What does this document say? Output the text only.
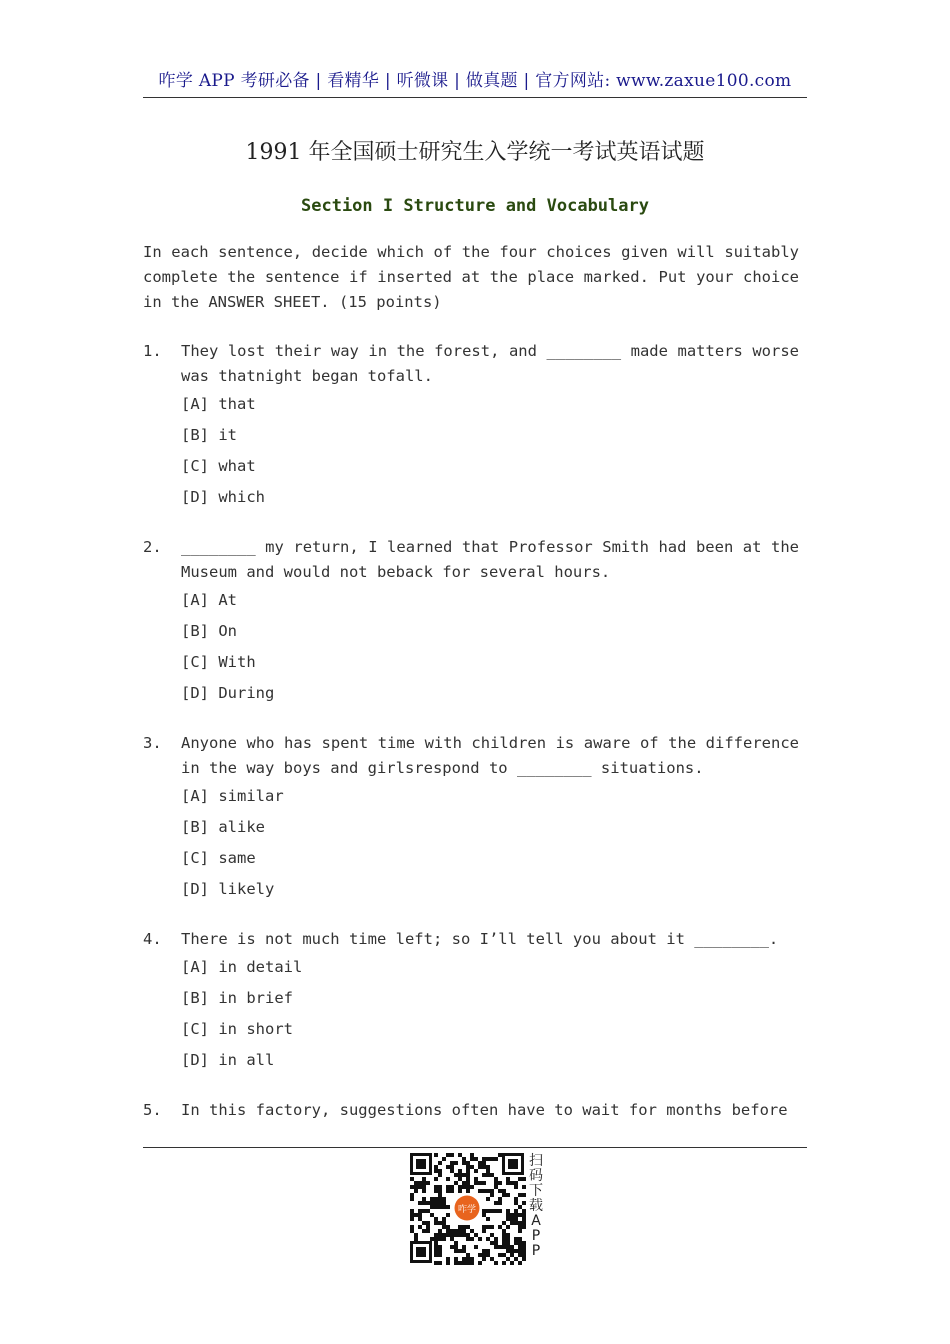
咋学 APP 考研必备 | 看精华 | 听微课 | 做真题 | 官方网站: www.zaxue100.com
1991 年全国硕士研究生入学统一考试英语试题
Section I Structure and Vocabulary

In each sentence, decide which of the four choices given will suitably complete the sentence if inserted at the place marked. Put your choice in the ANSWER SHEET. (15 points)

1.	They lost their way in the forest, and ________ made matters worse was thatnight began tofall.
[A] that
[B] it
[C] what
[D] which
2.	________ my return, I learned that Professor Smith had been at the Museum and would not beback for several hours.
[A] At
[B] On
[C] With
[D] During
3.	Anyone who has spent time with children is aware of the difference in the way boys and girlsrespond to ________ situations.
[A] similar
[B] alike
[C] same
[D] likely
4.	There is not much time left; so I’ll tell you about it ________.
[A] in detail
[B] in brief
[C] in short
[D] in all
5.	In this factory, suggestions often have to wait for months before
咋学
扫码下载APP
